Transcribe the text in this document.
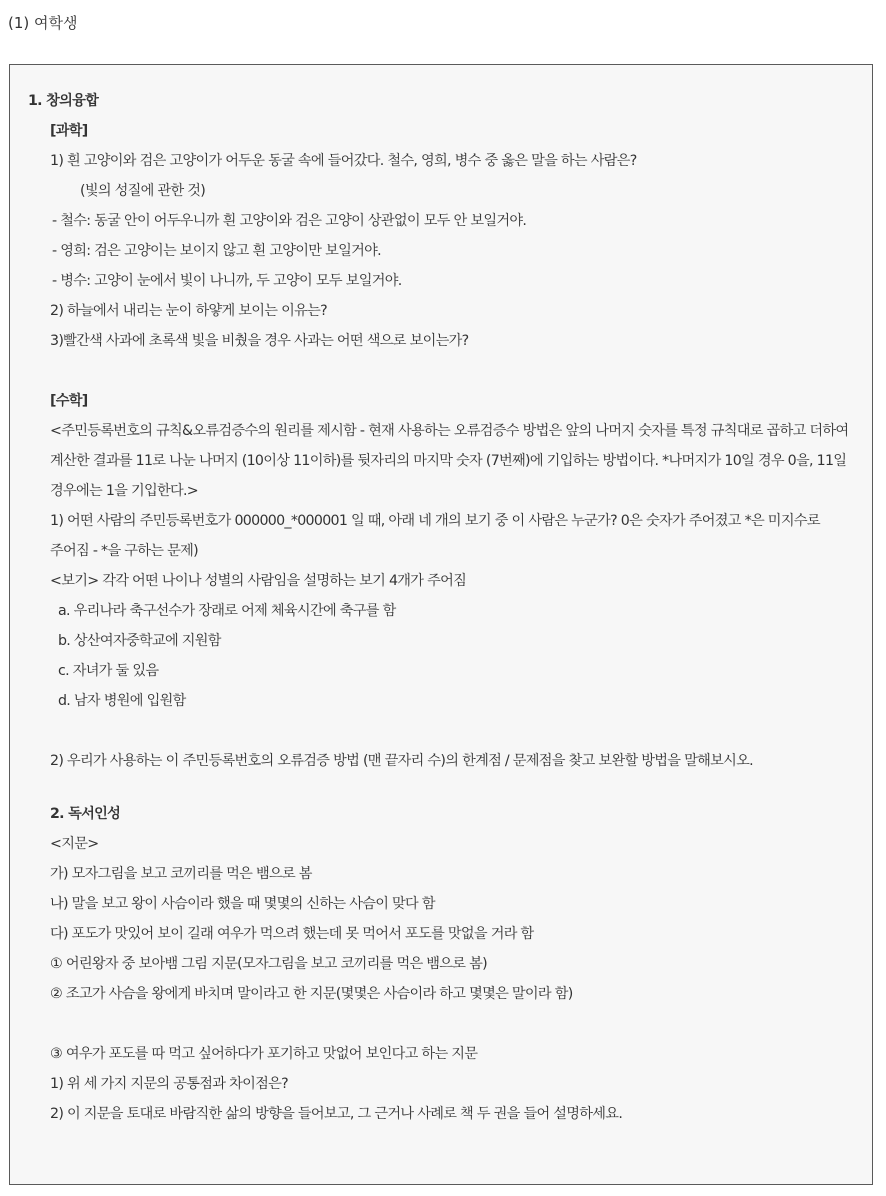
(1) 여학생
1. 창의융합
[과학]
1) 흰 고양이와 검은 고양이가 어두운 동굴 속에 들어갔다. 철수, 영희, 병수 중 옳은 말을 하는 사람은?
(빛의 성질에 관한 것)
- 철수: 동굴 안이 어두우니까 흰 고양이와 검은 고양이 상관없이 모두 안 보일거야.
- 영희: 검은 고양이는 보이지 않고 흰 고양이만 보일거야.
- 병수: 고양이 눈에서 빛이 나니까, 두 고양이 모두 보일거야.
2) 하늘에서 내리는 눈이 하얗게 보이는 이유는?
3)빨간색 사과에 초록색 빛을 비췄을 경우 사과는 어떤 색으로 보이는가?
[수학]
<주민등록번호의 규칙&오류검증수의 원리를 제시함 - 현재 사용하는 오류검증수 방법은 앞의 나머지 숫자를 특정 규칙대로 곱하고 더하여 계산한 결과를 11로 나눈 나머지 (10이상 11이하)를 뒷자리의 마지막 숫자 (7번째)에 기입하는 방법이다. *나머지가 10일 경우 0을, 11일 경우에는 1을 기입한다.>
1) 어떤 사람의 주민등록번호가 000000_*000001 일 때, 아래 네 개의 보기 중 이 사람은 누군가? 0은 숫자가 주어졌고 *은 미지수로 주어짐 - *을 구하는 문제)
<보기> 각각 어떤 나이나 성별의 사람임을 설명하는 보기 4개가 주어짐
a. 우리나라 축구선수가 장래로 어제 체육시간에 축구를 함
b. 상산여자중학교에 지원함
c. 자녀가 둘 있음
d. 남자 병원에 입원함
2) 우리가 사용하는 이 주민등록번호의 오류검증 방법 (맨 끝자리 수)의 한계점 / 문제점을 찾고 보완할 방법을 말해보시오.
2. 독서인성
<지문>
가) 모자그림을 보고 코끼리를 먹은 뱀으로 봄
나) 말을 보고 왕이 사슴이라 했을 때 몇몇의 신하는 사슴이 맞다 함
다) 포도가 맛있어 보이 길래 여우가 먹으려 했는데 못 먹어서 포도를 맛없을 거라 함
① 어린왕자 중 보아뱀 그림 지문(모자그림을 보고 코끼리를 먹은 뱀으로 봄)
② 조고가 사슴을 왕에게 바치며 말이라고 한 지문(몇몇은 사슴이라 하고 몇몇은 말이라 함)
③ 여우가 포도를 따 먹고 싶어하다가 포기하고 맛없어 보인다고 하는 지문
1) 위 세 가지 지문의 공통점과 차이점은?
2) 이 지문을 토대로 바람직한 삶의 방향을 들어보고, 그 근거나 사례로 책 두 권을 들어 설명하세요.
